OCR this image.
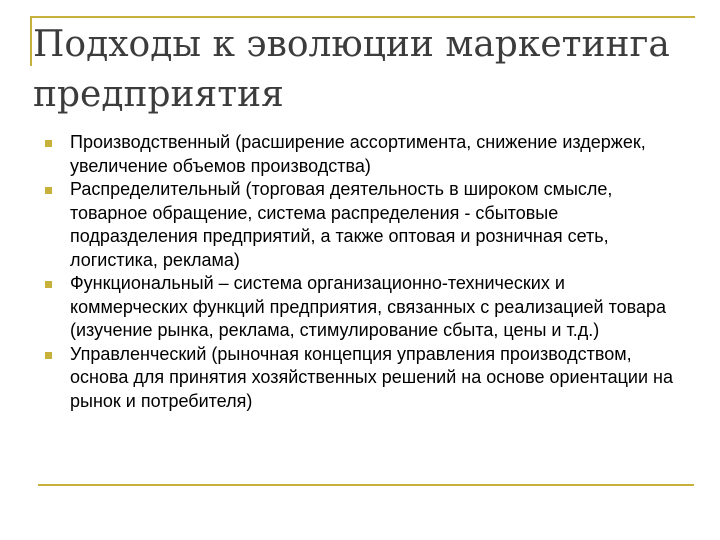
Подходы к эволюции маркетинга предприятия
Производственный (расширение ассортимента, снижение издержек, увеличение объемов производства)
Распределительный (торговая деятельность в широком смысле, товарное обращение, система распределения - сбытовые подразделения предприятий, а также оптовая и розничная сеть, логистика, реклама)
Функциональный – система организационно-технических и коммерческих функций предприятия, связанных с реализацией товара (изучение рынка, реклама, стимулирование сбыта, цены и т.д.)
Управленческий (рыночная концепция управления производством, основа для принятия хозяйственных решений на основе ориентации на рынок и потребителя)
